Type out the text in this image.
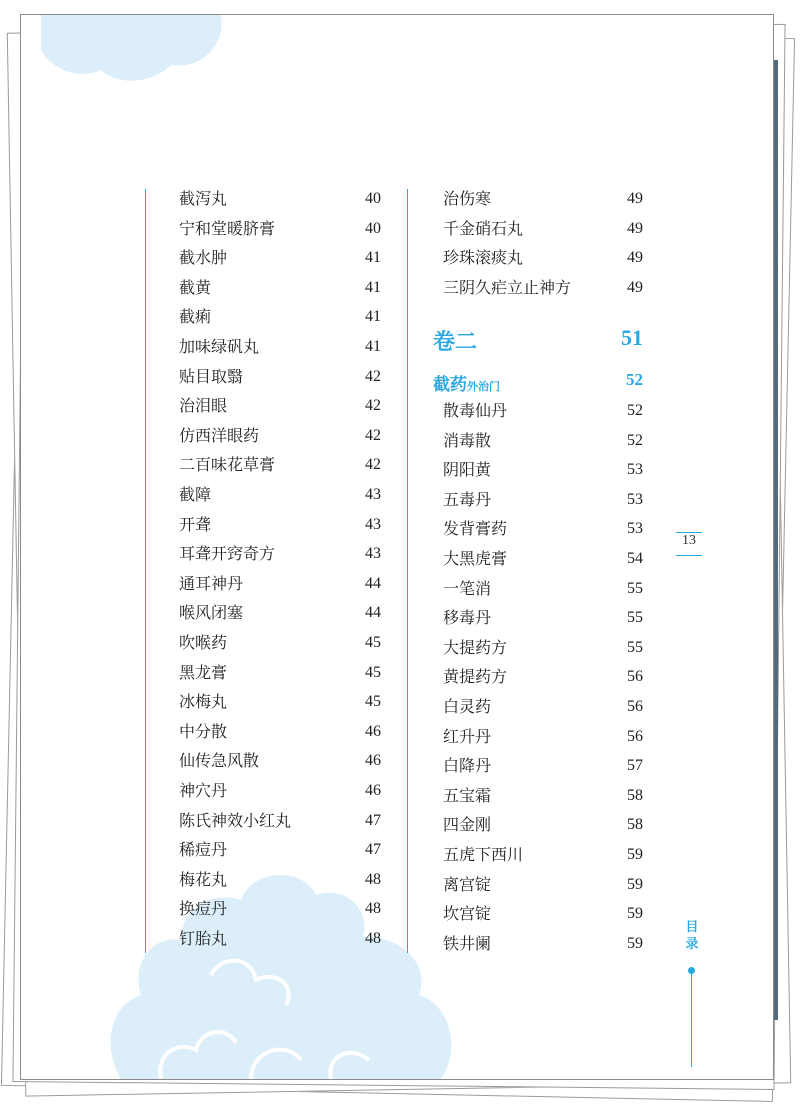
截泻丸	40
宁和堂暖脐膏	40
截水肿	41
截黄	41
截痢	41
加味绿矾丸	41
贴目取翳	42
治泪眼	42
仿西洋眼药	42
二百味花草膏	42
截障	43
开聋	43
耳聋开窍奇方	43
通耳神丹	44
喉风闭塞	44
吹喉药	45
黑龙膏	45
冰梅丸	45
中分散	46
仙传急风散	46
神穴丹	46
陈氏神效小红丸	47
稀痘丹	47
梅花丸	48
换痘丹	48
钉胎丸	48
治伤寒	49
千金硝石丸	49
珍珠滚痰丸	49
三阴久疟立止神方	49
卷二	51
截药外治门	52
散毒仙丹	52
消毒散	52
阴阳黄	53
五毒丹	53
发背膏药	53
大黑虎膏	54
一笔消	55
移毒丹	55
大提药方	55
黄提药方	56
白灵药	56
红升丹	56
白降丹	57
五宝霜	58
四金刚	58
五虎下西川	59
离宫锭	59
坎宫锭	59
铁井阑	59
13
目录
